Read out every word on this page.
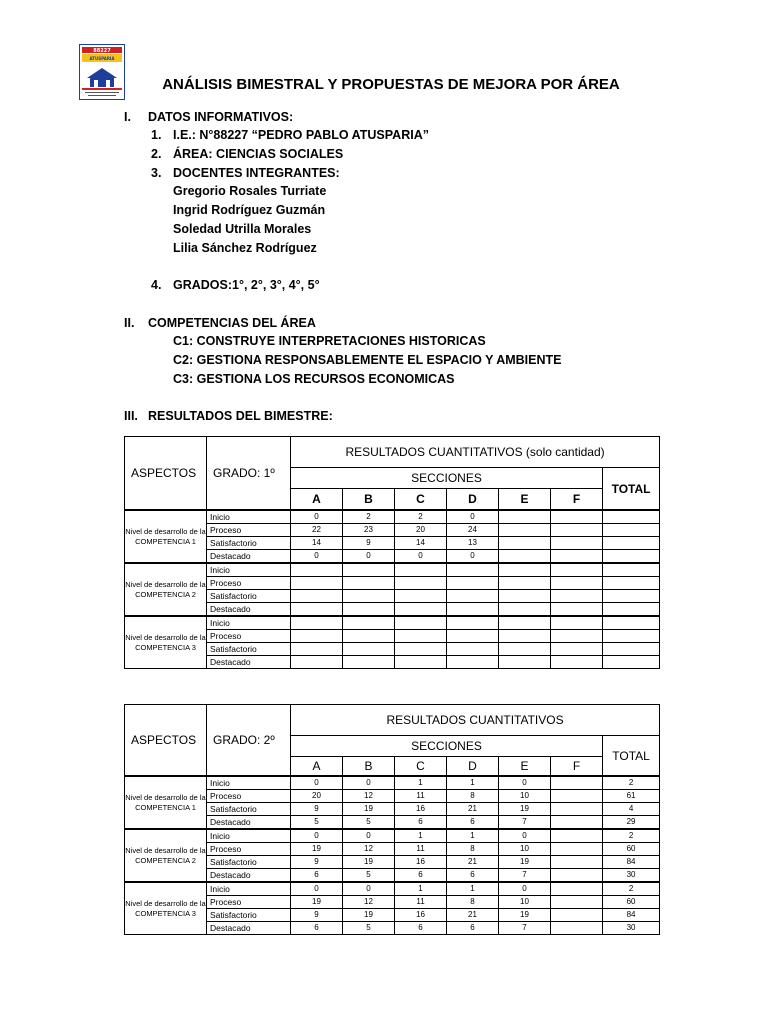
88227
ATUSPARIA
ANÁLISIS BIMESTRAL Y PROPUESTAS DE MEJORA POR ÁREA
I. DATOS INFORMATIVOS:
1. I.E.: N°88227 “PEDRO PABLO ATUSPARIA”
2. ÁREA: CIENCIAS SOCIALES
3. DOCENTES INTEGRANTES:
Gregorio Rosales Turriate
Ingrid Rodríguez Guzmán
Soledad Utrilla Morales
Lilia Sánchez Rodríguez
4. GRADOS:1°, 2°, 3°, 4°, 5°
II. COMPETENCIAS DEL ÁREA
C1: CONSTRUYE INTERPRETACIONES HISTORICAS
C2: GESTIONA RESPONSABLEMENTE EL ESPACIO Y AMBIENTE
C3: GESTIONA LOS RECURSOS ECONOMICAS
III. RESULTADOS DEL BIMESTRE:
ASPECTOS	GRADO: 1º	RESULTADOS CUANTITATIVOS (solo cantidad)						
		SECCIONES						TOTAL
		A	B	C	D	E	F	
Nivel de desarrollo de la COMPETENCIA 1	Inicio	0	2	2	0			
	Proceso	22	23	20	24			
	Satisfactorio	14	9	14	13			
	Destacado	0	0	0	0			
Nivel de desarrollo de la COMPETENCIA 2	Inicio							
	Proceso							
	Satisfactorio							
	Destacado							
Nivel de desarrollo de la COMPETENCIA 3	Inicio							
	Proceso							
	Satisfactorio							
	Destacado							
ASPECTOS	GRADO: 2º	RESULTADOS CUANTITATIVOS						
		SECCIONES						TOTAL
		A	B	C	D	E	F	
Nivel de desarrollo de la COMPETENCIA 1	Inicio	0	0	1	1	0		2
	Proceso	20	12	11	8	10		61
	Satisfactorio	9	19	16	21	19		4
	Destacado	5	5	6	6	7		29
Nivel de desarrollo de la COMPETENCIA 2	Inicio	0	0	1	1	0		2
	Proceso	19	12	11	8	10		60
	Satisfactorio	9	19	16	21	19		84
	Destacado	6	5	6	6	7		30
Nivel de desarrollo de la COMPETENCIA 3	Inicio	0	0	1	1	0		2
	Proceso	19	12	11	8	10		60
	Satisfactorio	9	19	16	21	19		84
	Destacado	6	5	6	6	7		30
